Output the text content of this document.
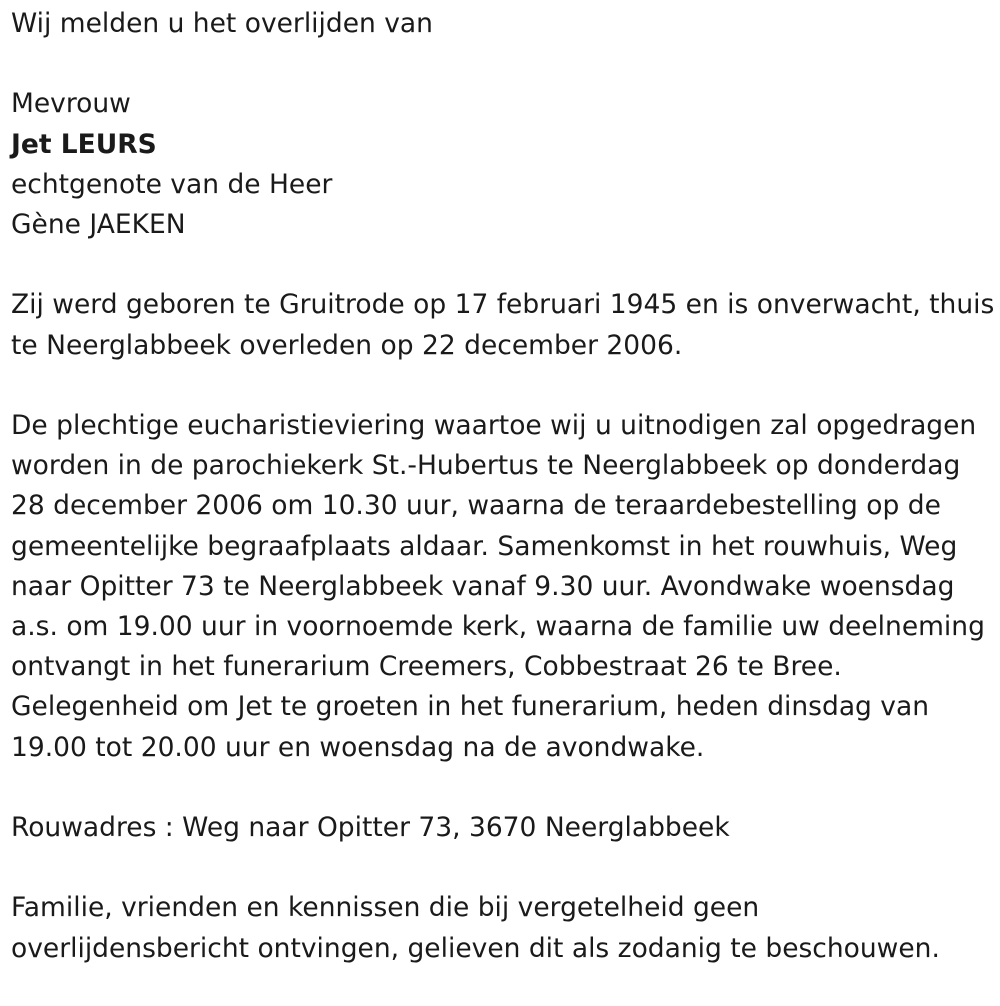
Wij melden u het overlijden van

Mevrouw

Jet LEURS

echtgenote van de Heer

Gène JAEKEN

Zij werd geboren te Gruitrode op 17 februari 1945 en is onverwacht, thuis

te Neerglabbeek overleden op 22 december 2006.

De plechtige eucharistieviering waartoe wij u uitnodigen zal opgedragen

worden in de parochiekerk St.-Hubertus te Neerglabbeek op donderdag

28 december 2006 om 10.30 uur, waarna de teraardebestelling op de

gemeentelijke begraafplaats aldaar. Samenkomst in het rouwhuis, Weg

naar Opitter 73 te Neerglabbeek vanaf 9.30 uur. Avondwake woensdag

a.s. om 19.00 uur in voornoemde kerk, waarna de familie uw deelneming

ontvangt in het funerarium Creemers, Cobbestraat 26 te Bree.

Gelegenheid om Jet te groeten in het funerarium, heden dinsdag van

19.00 tot 20.00 uur en woensdag na de avondwake.

Rouwadres : Weg naar Opitter 73, 3670 Neerglabbeek

Familie, vrienden en kennissen die bij vergetelheid geen

overlijdensbericht ontvingen, gelieven dit als zodanig te beschouwen.
